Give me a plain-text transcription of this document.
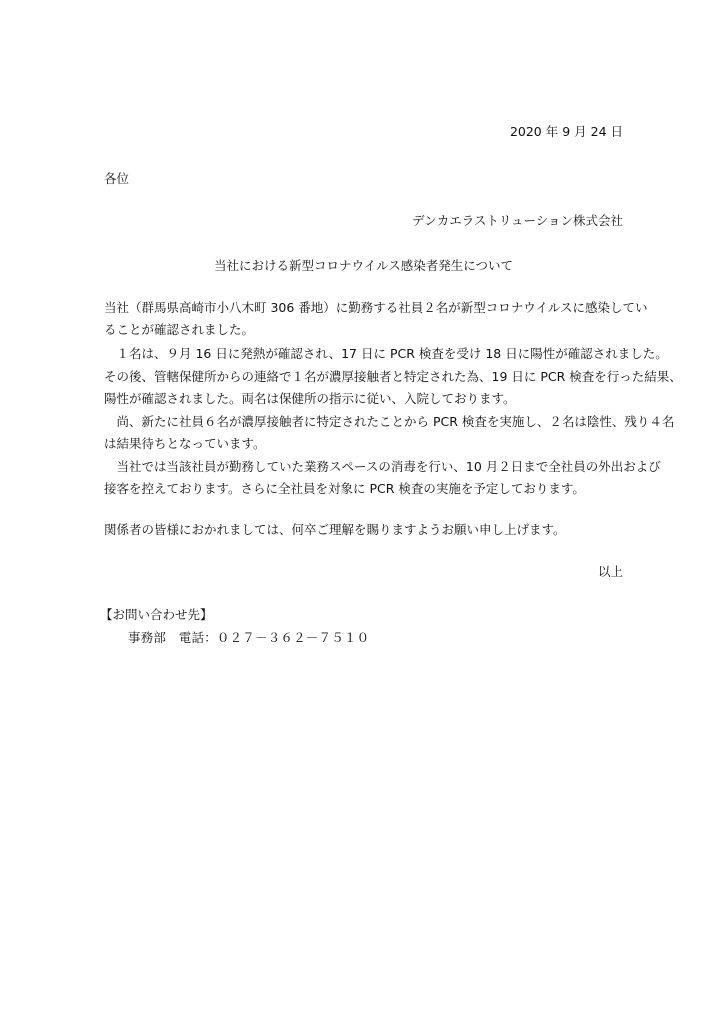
2020 年 9 月 24 日
各位
デンカエラストリューション株式会社
当社における新型コロナウイルス感染者発生について
当社（群馬県高崎市小八木町 306 番地）に勤務する社員２名が新型コロナウイルスに感染してい
ることが確認されました。
　１名は、９月 16 日に発熱が確認され、17 日に PCR 検査を受け 18 日に陽性が確認されました。
その後、管轄保健所からの連絡で１名が濃厚接触者と特定された為、19 日に PCR 検査を行った結果、
陽性が確認されました。両名は保健所の指示に従い、入院しております。
　尚、新たに社員６名が濃厚接触者に特定されたことから PCR 検査を実施し、２名は陰性、残り４名
は結果待ちとなっています。
　当社では当該社員が勤務していた業務スペースの消毒を行い、10 月２日まで全社員の外出および
接客を控えております。さらに全社員を対象に PCR 検査の実施を予定しております。
関係者の皆様におかれましては、何卒ご理解を賜りますようお願い申し上げます。
以上
【お問い合わせ先】
事務部　電話：０２７－３６２－７５１０
